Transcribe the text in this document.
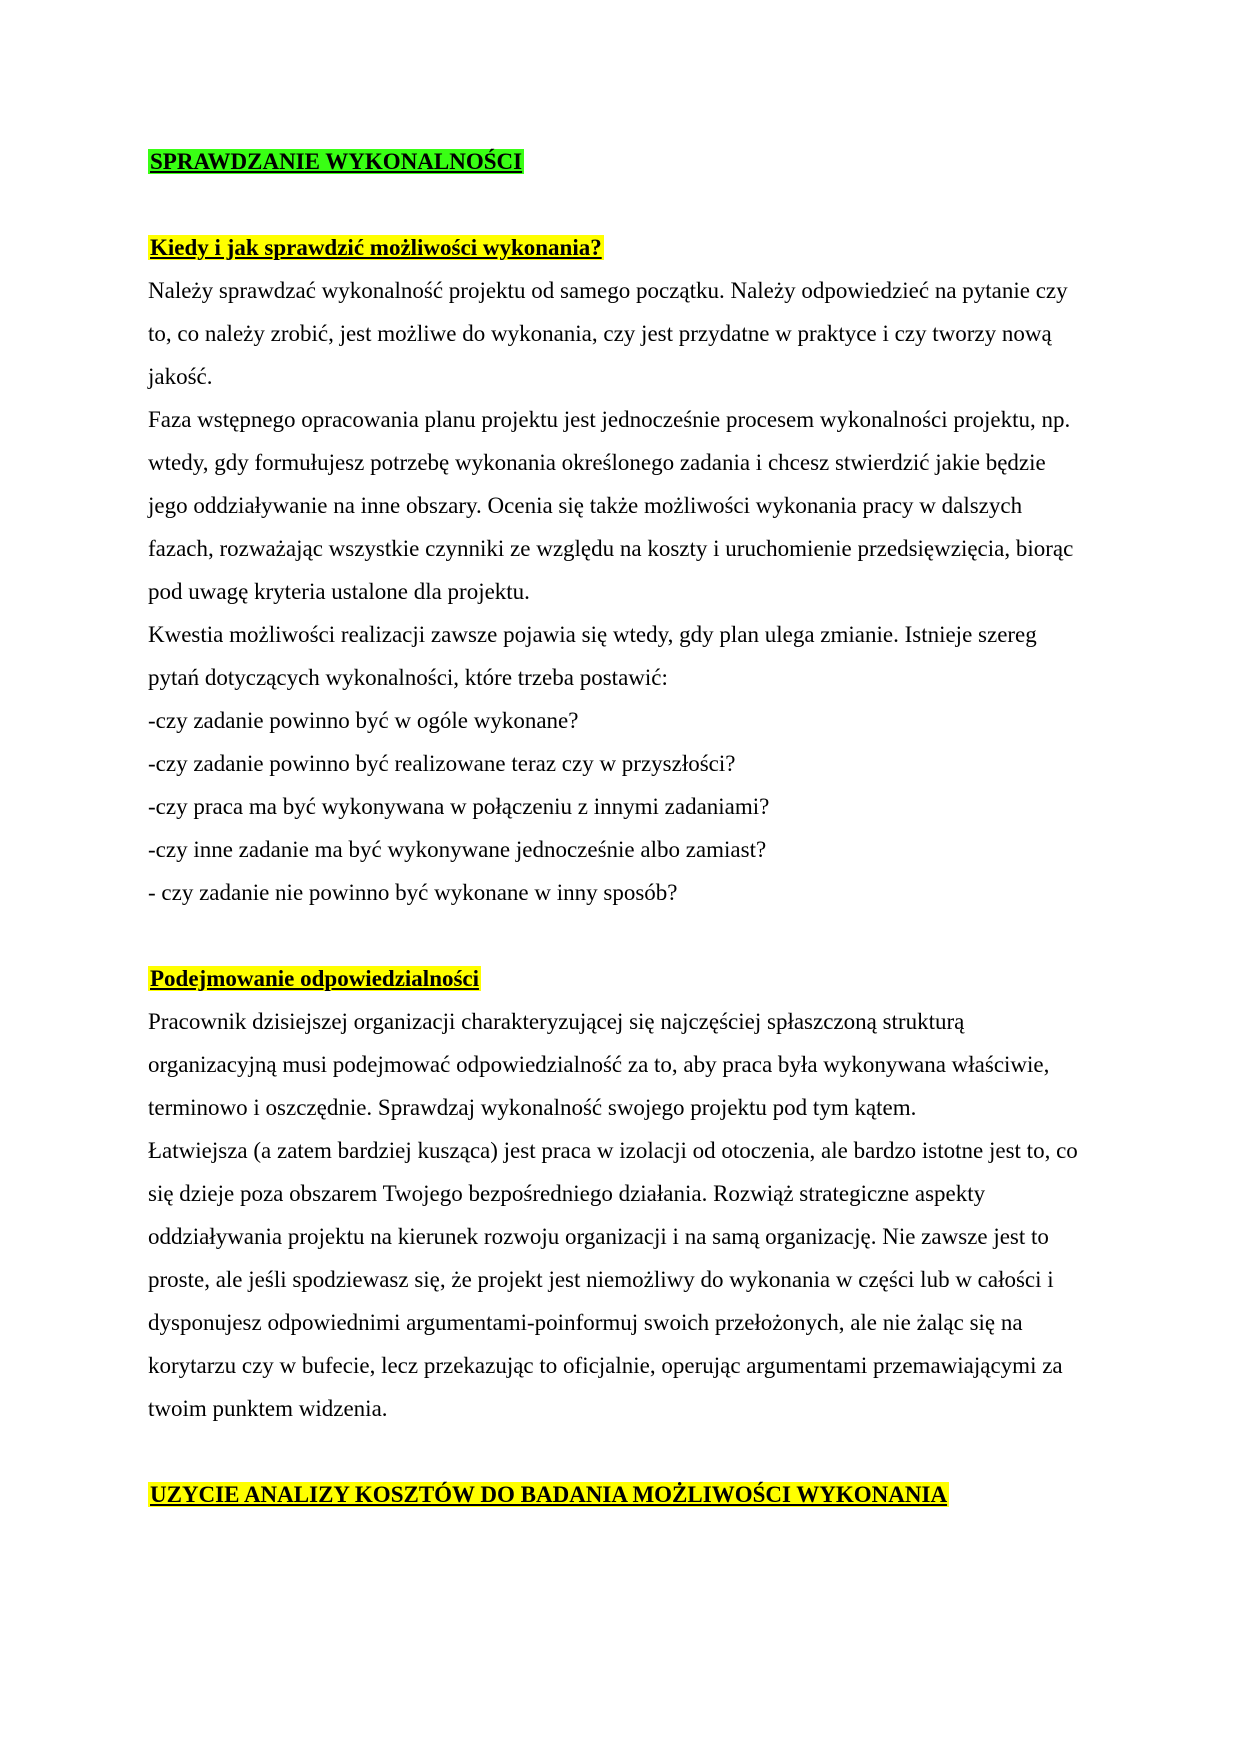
SPRAWDZANIE WYKONALNOŚCI
Kiedy i jak sprawdzić możliwości wykonania?

Należy sprawdzać wykonalność projektu od samego początku. Należy odpowiedzieć na pytanie czy to, co należy zrobić, jest możliwe do wykonania, czy jest przydatne w praktyce i czy tworzy nową jakość.

Faza wstępnego opracowania planu projektu jest jednocześnie procesem wykonalności projektu, np. wtedy, gdy formułujesz potrzebę wykonania określonego zadania i chcesz stwierdzić jakie będzie jego oddziaływanie na inne obszary. Ocenia się także możliwości wykonania pracy w dalszych fazach, rozważając wszystkie czynniki ze względu na koszty i uruchomienie przedsięwzięcia, biorąc pod uwagę kryteria ustalone dla projektu.

Kwestia możliwości realizacji zawsze pojawia się wtedy, gdy plan ulega zmianie. Istnieje szereg pytań dotyczących wykonalności, które trzeba postawić:

-czy zadanie powinno być w ogóle wykonane?
-czy zadanie powinno być realizowane teraz czy w przyszłości?
-czy praca ma być wykonywana w połączeniu z innymi zadaniami?
-czy inne zadanie ma być wykonywane jednocześnie albo zamiast?
- czy zadanie nie powinno być wykonane w inny sposób?
Podejmowanie odpowiedzialności

Pracownik dzisiejszej organizacji charakteryzującej się najczęściej spłaszczoną strukturą organizacyjną musi podejmować odpowiedzialność za to, aby praca była wykonywana właściwie, terminowo i oszczędnie. Sprawdzaj wykonalność swojego projektu pod tym kątem.

Łatwiejsza (a zatem bardziej kusząca) jest praca w izolacji od otoczenia, ale bardzo istotne jest to, co się dzieje poza obszarem Twojego bezpośredniego działania. Rozwiąż strategiczne aspekty oddziaływania projektu na kierunek rozwoju organizacji i na samą organizację. Nie zawsze jest to proste, ale jeśli spodziewasz się, że projekt jest niemożliwy do wykonania w części lub w całości i dysponujesz odpowiednimi argumentami-poinformuj swoich przełożonych, ale nie żaląc się na korytarzu czy w bufecie, lecz przekazując to oficjalnie, operując argumentami przemawiającymi za twoim punktem widzenia.

UZYCIE ANALIZY KOSZTÓW DO BADANIA MOŻLIWOŚCI WYKONANIA
